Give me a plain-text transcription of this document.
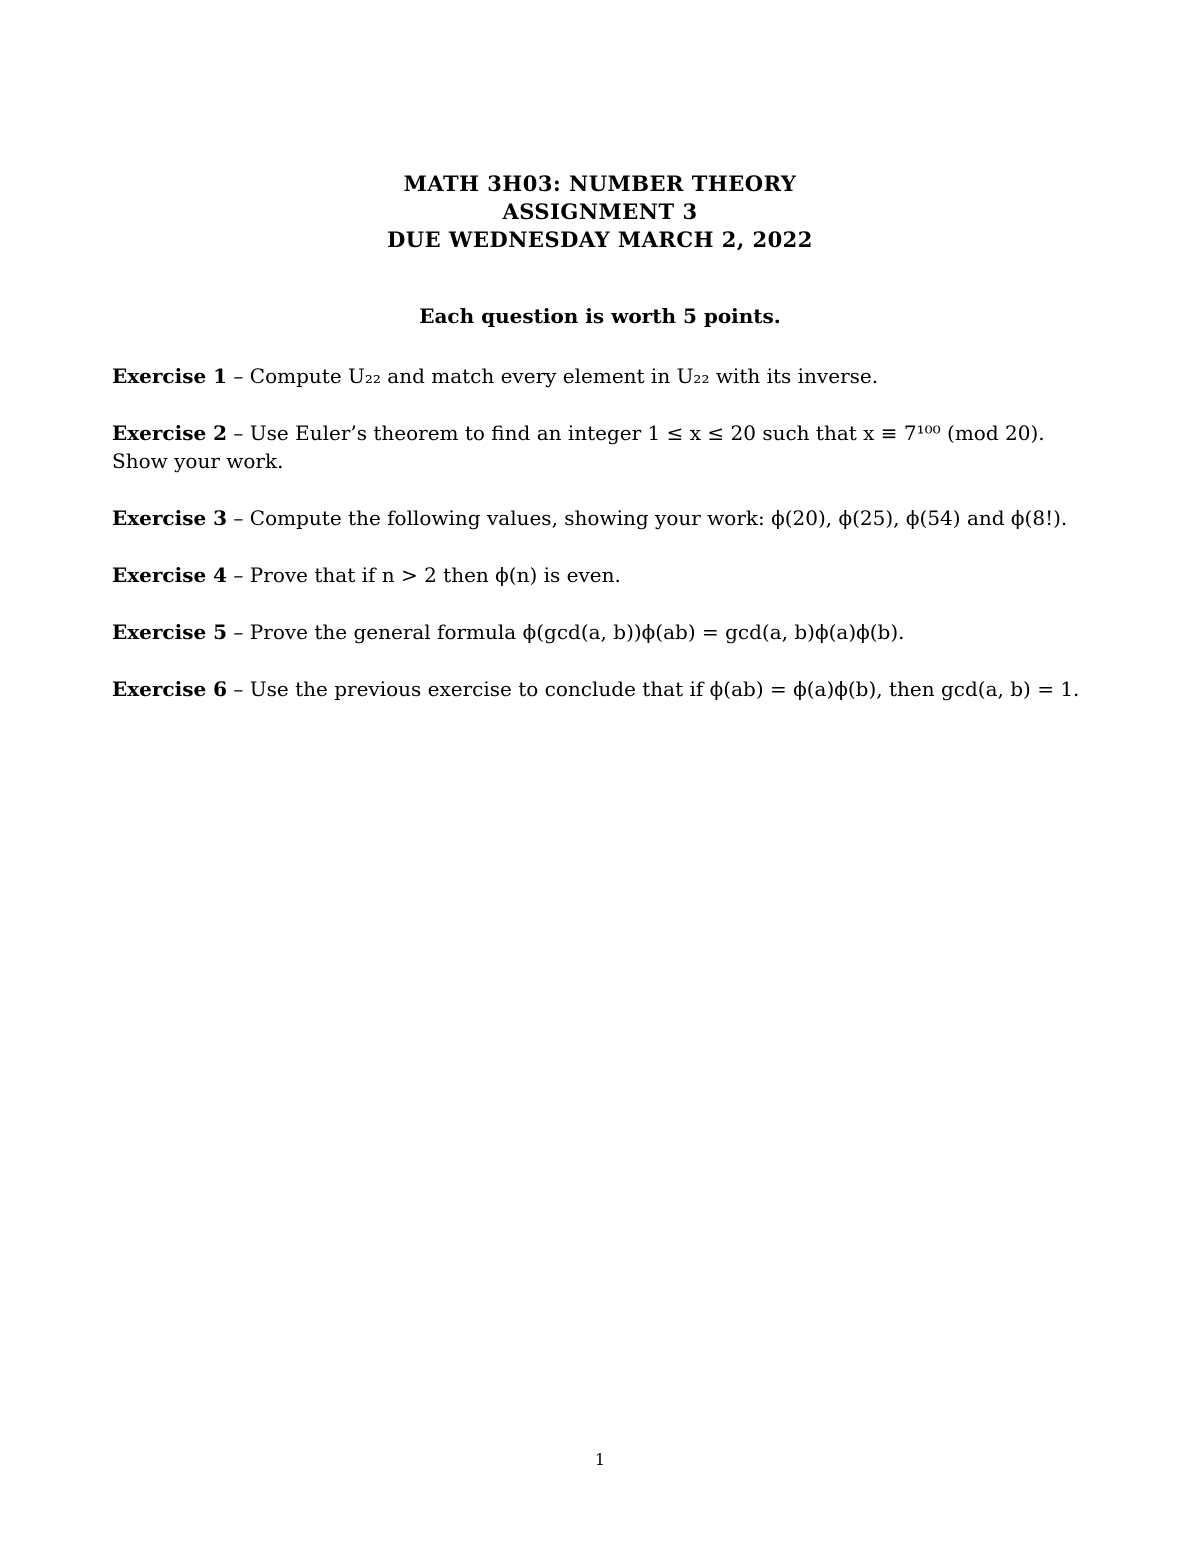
MATH 3H03: NUMBER THEORY
ASSIGNMENT 3
DUE WEDNESDAY MARCH 2, 2022
Each question is worth 5 points.

Exercise 1 – Compute U₂₂ and match every element in U₂₂ with its inverse.

Exercise 2 – Use Euler’s theorem to find an integer 1 ≤ x ≤ 20 such that x ≡ 7¹⁰⁰ (mod 20). Show your work.

Exercise 3 – Compute the following values, showing your work: ϕ(20), ϕ(25), ϕ(54) and ϕ(8!).

Exercise 4 – Prove that if n > 2 then ϕ(n) is even.

Exercise 5 – Prove the general formula ϕ(gcd(a, b))ϕ(ab) = gcd(a, b)ϕ(a)ϕ(b).

Exercise 6 – Use the previous exercise to conclude that if ϕ(ab) = ϕ(a)ϕ(b), then gcd(a, b) = 1.

1
